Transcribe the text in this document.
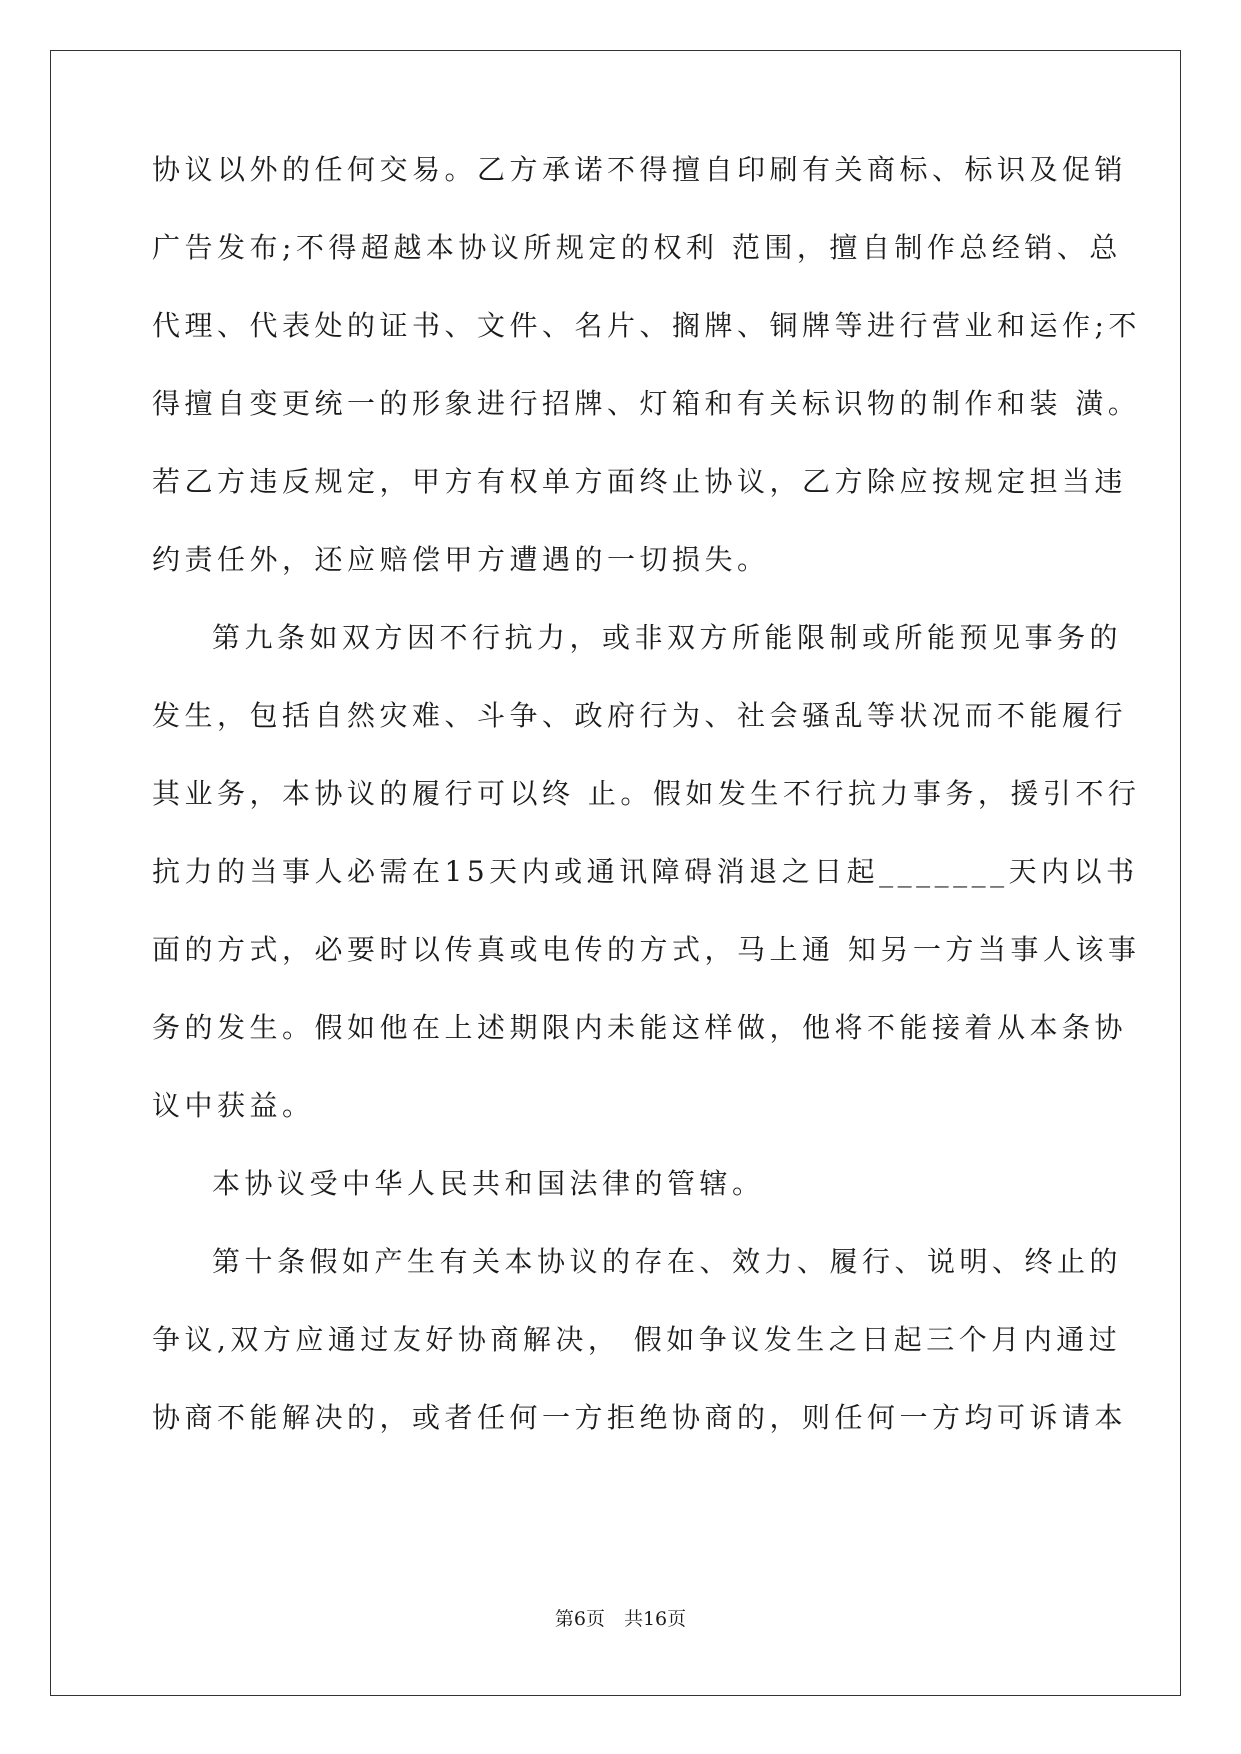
协议以外的任何交易。乙方承诺不得擅自印刷有关商标、标识及促销
广告发布;不得超越本协议所规定的权利 范围，擅自制作总经销、总
代理、代表处的证书、文件、名片、搁牌、铜牌等进行营业和运作;不
得擅自变更统一的形象进行招牌、灯箱和有关标识物的制作和装 潢。
若乙方违反规定，甲方有权单方面终止协议，乙方除应按规定担当违
约责任外，还应赔偿甲方遭遇的一切损失。
第九条如双方因不行抗力，或非双方所能限制或所能预见事务的
发生，包括自然灾难、斗争、政府行为、社会骚乱等状况而不能履行
其业务，本协议的履行可以终 止。假如发生不行抗力事务，援引不行
抗力的当事人必需在15天内或通讯障碍消退之日起_______天内以书
面的方式，必要时以传真或电传的方式，马上通 知另一方当事人该事
务的发生。假如他在上述期限内未能这样做，他将不能接着从本条协
议中获益。
本协议受中华人民共和国法律的管辖。
第十条假如产生有关本协议的存在、效力、履行、说明、终止的
争议,双方应通过友好协商解决， 假如争议发生之日起三个月内通过
协商不能解决的，或者任何一方拒绝协商的，则任何一方均可诉请本
第6页　共16页
